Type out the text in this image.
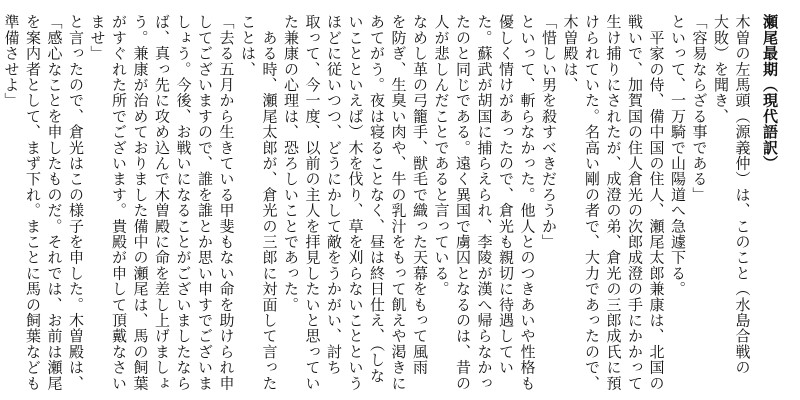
瀬尾最期（現代語訳）
木曽の左馬頭（源義仲）は、このこと（水島合戦の
大敗）を聞き、
「容易ならざる事である」
といって、一万騎で山陽道へ急遽下る。
　平家の侍、備中国の住人、瀬尾太郎兼康は、北国の
戦いで、加賀国の住人倉光の次郎成澄の手にかかって
生け捕りにされたが、成澄の弟、倉光の三郎成氏に預
けられていた。名高い剛の者で、大力であったので、
木曽殿は、
「惜しい男を殺すべきだろうか」
といって、斬らなかった。他人とのつきあいや性格も
優しく情けがあったので、倉光も親切に待遇してい
た。蘇武が胡国に捕らえられ、李陵が漢へ帰らなかっ
たのと同じである。遠く異国で虜囚となるのは、昔の
人が悲しんだことであると言っている。
なめし革の弓籠手、獣毛で織った天幕をもって風雨
を防ぎ、生臭い肉や、牛の乳汁をもって飢えや渇きに
あてがう。夜は寝ることなく、昼は終日仕え、（しな
いことといえば）木を伐り、草を刈らないことという
ほどに従いつつ、どうにかして敵をうかがい、討ち
取って、今一度、以前の主人を拝見したいと思ってい
た兼康の心理は、恐ろしいことであった。
　ある時、瀬尾太郎が、倉光の三郎に対面して言った
ことは、
「去る五月から生きている甲斐もない命を助けられ申
してございますので、誰を誰とか思い申すでございま
しょう。今後、お戦いになることがございましたなら
ば、真っ先に攻め込んで木曽殿に命を差し上げましょ
う。兼康が治めておりました備中の瀬尾は、馬の飼葉
がすぐれた所でございます。貴殿が申して頂戴なさい
ませ」
と言ったので、倉光はこの様子を申した。木曽殿は、
「感心なことを申したものだ。それでは、お前は瀬尾
を案内者として、まず下れ。まことに馬の飼葉なども
準備させよ」
